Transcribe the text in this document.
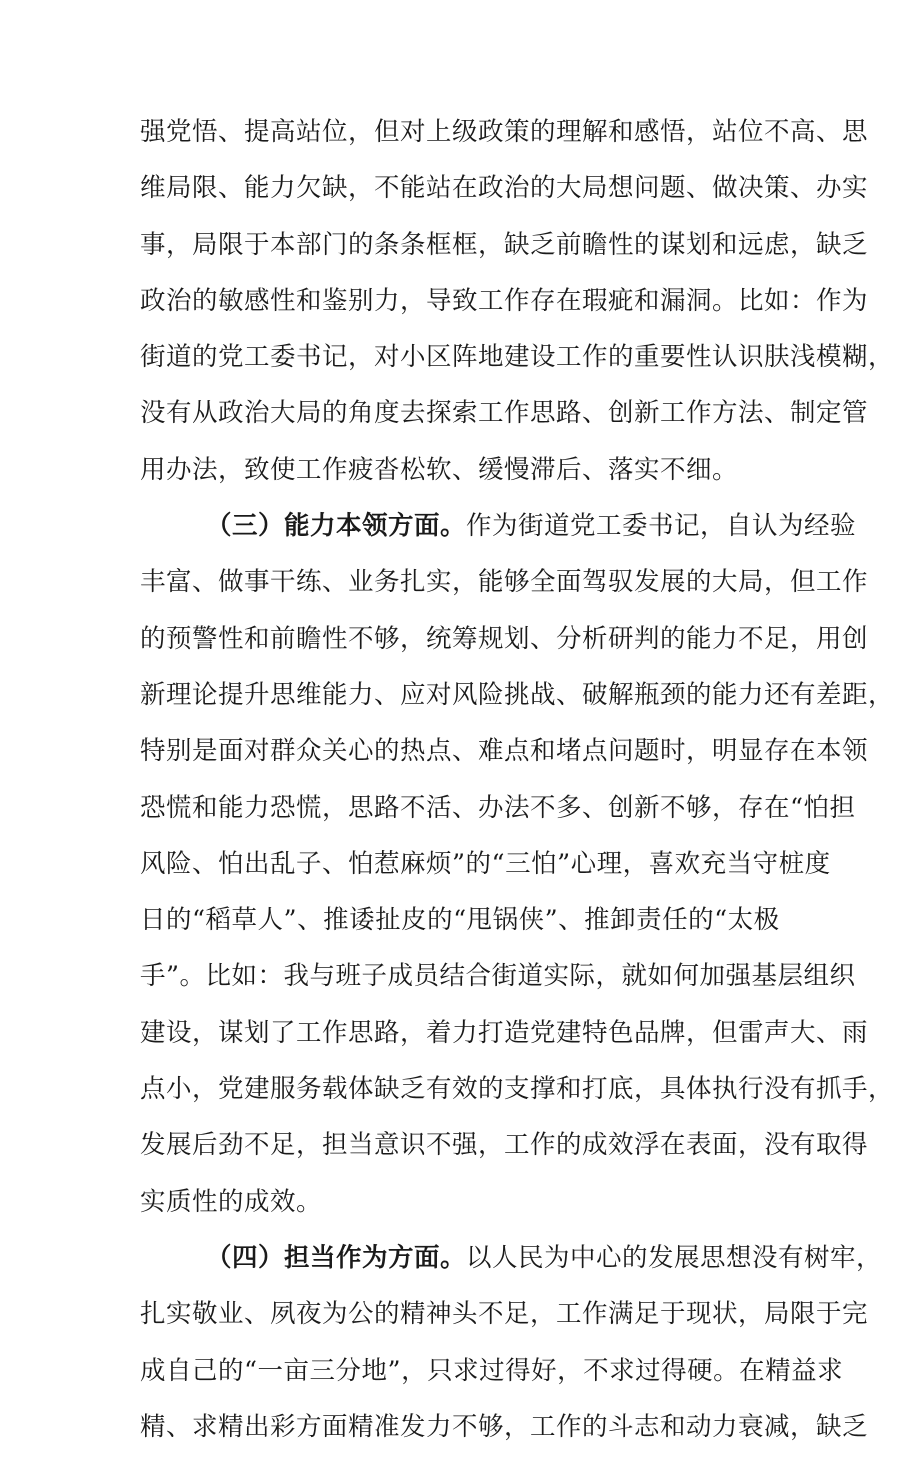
强党悟、提高站位，但对上级政策的理解和感悟，站位不高、思
维局限、能力欠缺，不能站在政治的大局想问题、做决策、办实
事，局限于本部门的条条框框，缺乏前瞻性的谋划和远虑，缺乏
政治的敏感性和鉴别力，导致工作存在瑕疵和漏洞。比如：作为
街道的党工委书记，对小区阵地建设工作的重要性认识肤浅模糊，
没有从政治大局的角度去探索工作思路、创新工作方法、制定管
用办法，致使工作疲沓松软、缓慢滞后、落实不细。
（三）能力本领方面。作为街道党工委书记，自认为经验
丰富、做事干练、业务扎实，能够全面驾驭发展的大局，但工作
的预警性和前瞻性不够，统筹规划、分析研判的能力不足，用创
新理论提升思维能力、应对风险挑战、破解瓶颈的能力还有差距，
特别是面对群众关心的热点、难点和堵点问题时，明显存在本领
恐慌和能力恐慌，思路不活、办法不多、创新不够，存在“怕担
风险、怕出乱子、怕惹麻烦”的“三怕”心理，喜欢充当守桩度
日的“稻草人”、推诿扯皮的“甩锅侠”、推卸责任的“太极
手”。比如：我与班子成员结合街道实际，就如何加强基层组织
建设，谋划了工作思路，着力打造党建特色品牌，但雷声大、雨
点小，党建服务载体缺乏有效的支撑和打底，具体执行没有抓手，
发展后劲不足，担当意识不强，工作的成效浮在表面，没有取得
实质性的成效。
（四）担当作为方面。以人民为中心的发展思想没有树牢，
扎实敬业、夙夜为公的精神头不足，工作满足于现状，局限于完
成自己的“一亩三分地”，只求过得好，不求过得硬。在精益求
精、求精出彩方面精准发力不够，工作的斗志和动力衰减，缺乏
